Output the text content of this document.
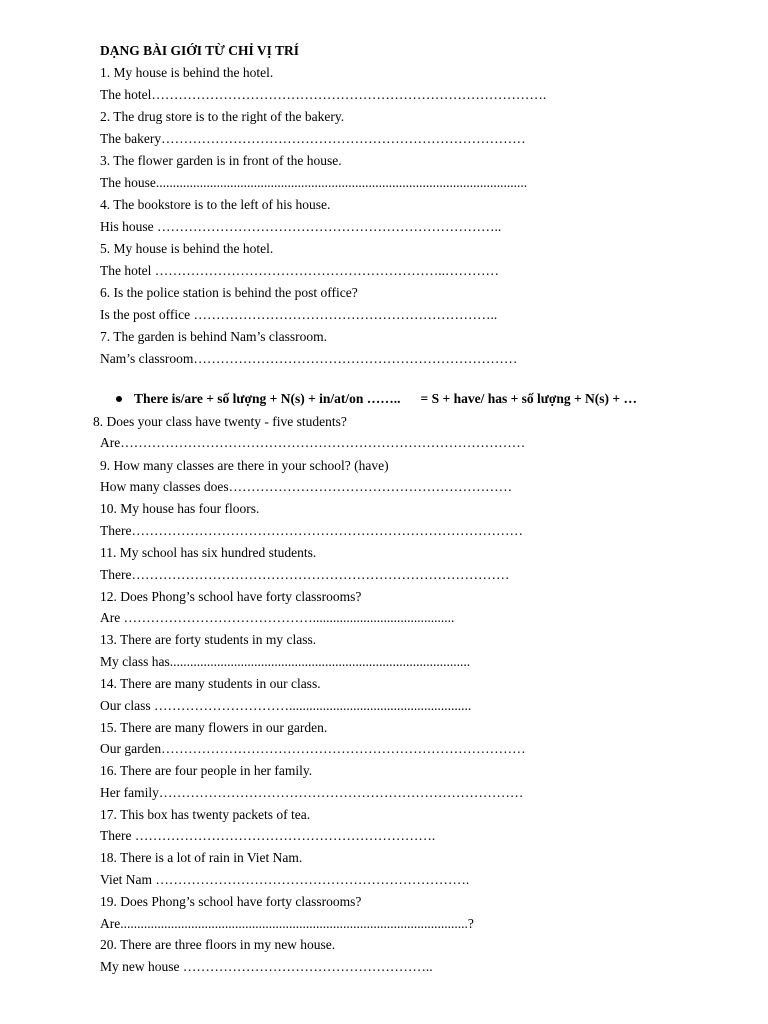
DẠNG BÀI GIỚI TỪ CHỈ VỊ TRÍ
1. My house is behind the hotel.
The hotel…………………………………………………………………………….
2. The drug store is to the right of the bakery.
The bakery………………………………………………………………………
3. The flower garden is in front of the house.
The house..............................................................................................................
4. The bookstore is to the left of his house.
His house …………………………………………………………………..
5. My house is behind the hotel.
The hotel ………………………………………………………..…………
6. Is the police station is behind the post office?
Is the post office …………………………………………………………..
7. The garden is behind Nam’s classroom.
Nam’s classroom………………………………………………………………
There is/are + số lượng + N(s) + in/at/on …….. = S + have/ has + số lượng + N(s) + …
8. Does your class have twenty - five students?
Are………………………………………………………………………………
9. How many classes are there in your school? (have)
How many classes does………………………………………………………
10. My house has four floors.
There……………………………………………………………………………
11. My school has six hundred students.
There…………………………………………………………………………
12. Does Phong’s school have forty classrooms?
Are ……………………………………..........................................
13. There are forty students in my class.
My class has.........................................................................................
14. There are many students in our class.
Our class …………………………......................................................
15. There are many flowers in our garden.
Our garden………………………………………………………………………
16. There are four people in her family.
Her family………………………………………………………………………
17. This box has twenty packets of tea.
There ………………………………………………………….
18. There is a lot of rain in Viet Nam.
Viet Nam …………………………………………………………….
19. Does Phong’s school have forty classrooms?
Are.......................................................................................................?
20. There are three floors in my new house.
My new house ………………………………………………..
